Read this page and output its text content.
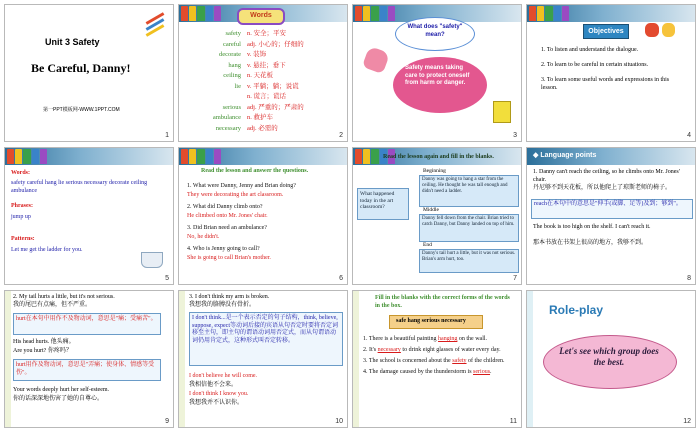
Unit 3 Safety
Be Careful, Danny!
第一PPT模板网-WWW.1PPT.COM
1
Words
safety n. 安全；平安
careful adj. 小心的；仔细的
decorate v. 装饰
hang v. 悬挂；垂下
ceiling n. 天花板
lie v. 平躺；躺；说谎
n. 谎言；谎话
serious adj. 严重的；严肃的
ambulance n. 救护车
necessary adj. 必需的
2
What does "safety" mean?
Safety means taking care to protect oneself from harm or danger.
3
Objectives
1. To listen and understand the dialogue.
2. To learn to be careful in certain situations.
3. To learn some useful words and expressions in this lesson.
4
Words:
safety careful hang lie serious necessary decorate ceiling ambulance
Phrases:
jump up
Patterns:
Let me get the ladder for you.
5
Read the lesson and answer the questions.
1. What were Danny, Jenny and Brian doing?
They were decorating the art classroom.
2. What did Danny climb onto?
He climbed onto Mr. Jones' chair.
3. Did Brian need an ambulance?
No, he didn't.
4. Who is Jenny going to call?
She is going to call Brian's mother.
6
Read the lesson again and fill in the blanks.
What happened today in the art classroom?
Beginning
Danny was going to hang a star from the ceiling. He thought he was tall enough and didn't need a ladder.
Middle
Danny fell down from the chair. Brian tried to catch Danny, but Danny landed on top of him.
End
Danny's tail hurt a little, but it was not serious. Brian's arm hurt, too.
7
◆ Language points
1. Danny can't reach the ceiling, so he climbs onto Mr. Jones' chair.
丹尼够不到天花板，所以他爬上了琼斯老师的椅子。
reach在本句中的意思是"伸手(或脚、足等)及到；够到"。
The book is too high on the shelf. I can't reach it.
那本书放在书架上很高的地方，我够不到。
8
2. My tail hurts a little, but it's not serious.
我的尾巴有点痛，但不严重。
hurt在本句中用作不及物动词，意思是"痛；受痛苦"。
His head hurts. 他头痛。
Are you hurt? 你疼吗？
hurt用作及物动词，意思是"弄痛；使身体、情感等受伤"。
Your words deeply hurt her self-esteem.
你的话深深地伤害了她的自尊心。
9
3. I don't think my arm is broken.
我想我的胳膊没有骨折。
I don't think...是一个表示否定的句子结构，think, believe, suppose, expect等动词后接的宾语从句否定时要将否定词移至主句，即主句的谓语动词用否定式，而从句谓语动词仍用肯定式，这种形式叫否定转移。
I don't believe he will come.
我相信他不会来。
I don't think I know you.
我想我并不认识你。
10
Fill in the blanks with the correct forms of the words in the box.
safe hang serious necessary
1. There is a beautiful painting hanging on the wall.
2. It's necessary to drink eight glasses of water every day.
3. The school is concerned about the safety of the children.
4. The damage caused by the thunderstorm is serious.
11
Role-play
Let's see which group does the best.
12
